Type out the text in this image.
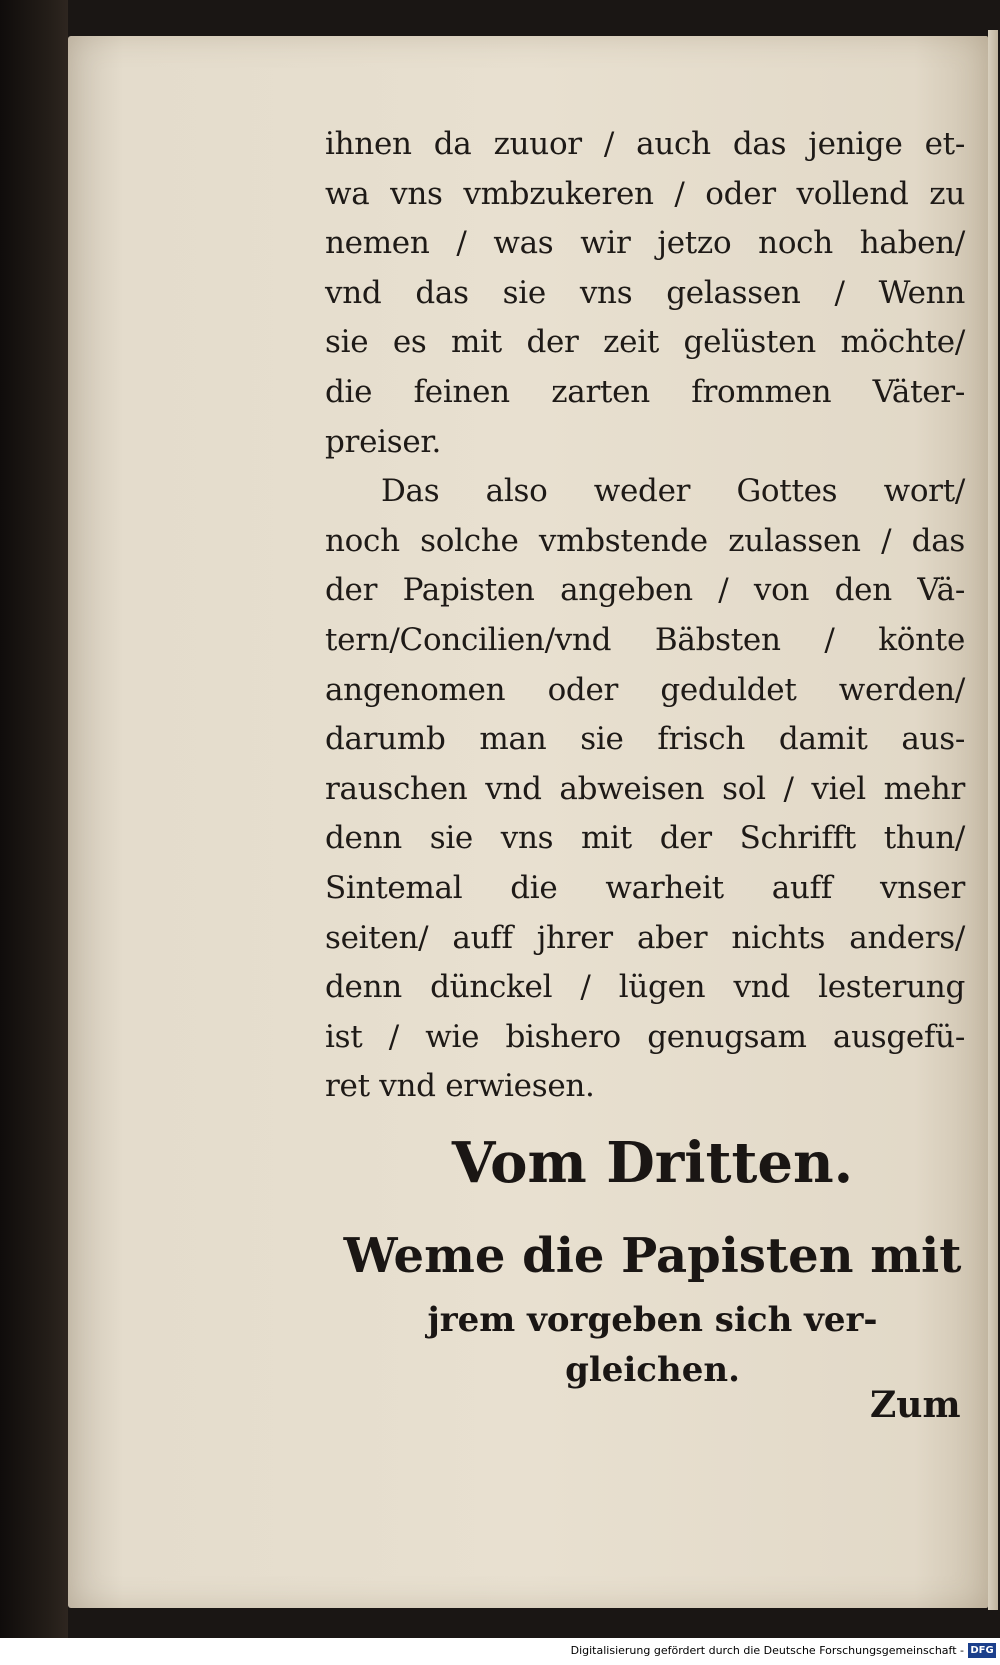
ihnen da zuuor / auch das jenige et-
wa vns vmbzukeren / oder vollend zu
nemen / was wir jetzo noch haben/
vnd das sie vns gelassen / Wenn
sie es mit der zeit gelüsten möchte/
die feinen zarten frommen Väter-
preiser.
Das also weder Gottes wort/
noch solche vmbstende zulassen / das
der Papisten angeben / von den Vä-
tern/Concilien/vnd Bäbsten / könte
angenomen oder geduldet werden/
darumb man sie frisch damit aus-
rauschen vnd abweisen sol / viel mehr
denn sie vns mit der Schrifft thun/
Sintemal die warheit auff vnser
seiten/ auff jhrer aber nichts anders/
denn dünckel / lügen vnd lesterung
ist / wie bishero genugsam ausgefü-
ret vnd erwiesen.
Vom Dritten.
Weme die Papisten mit
jrem vorgeben sich ver-
gleichen.
Zum
Digitalisierung gefördert durch die Deutsche Forschungsgemeinschaft - DFG
